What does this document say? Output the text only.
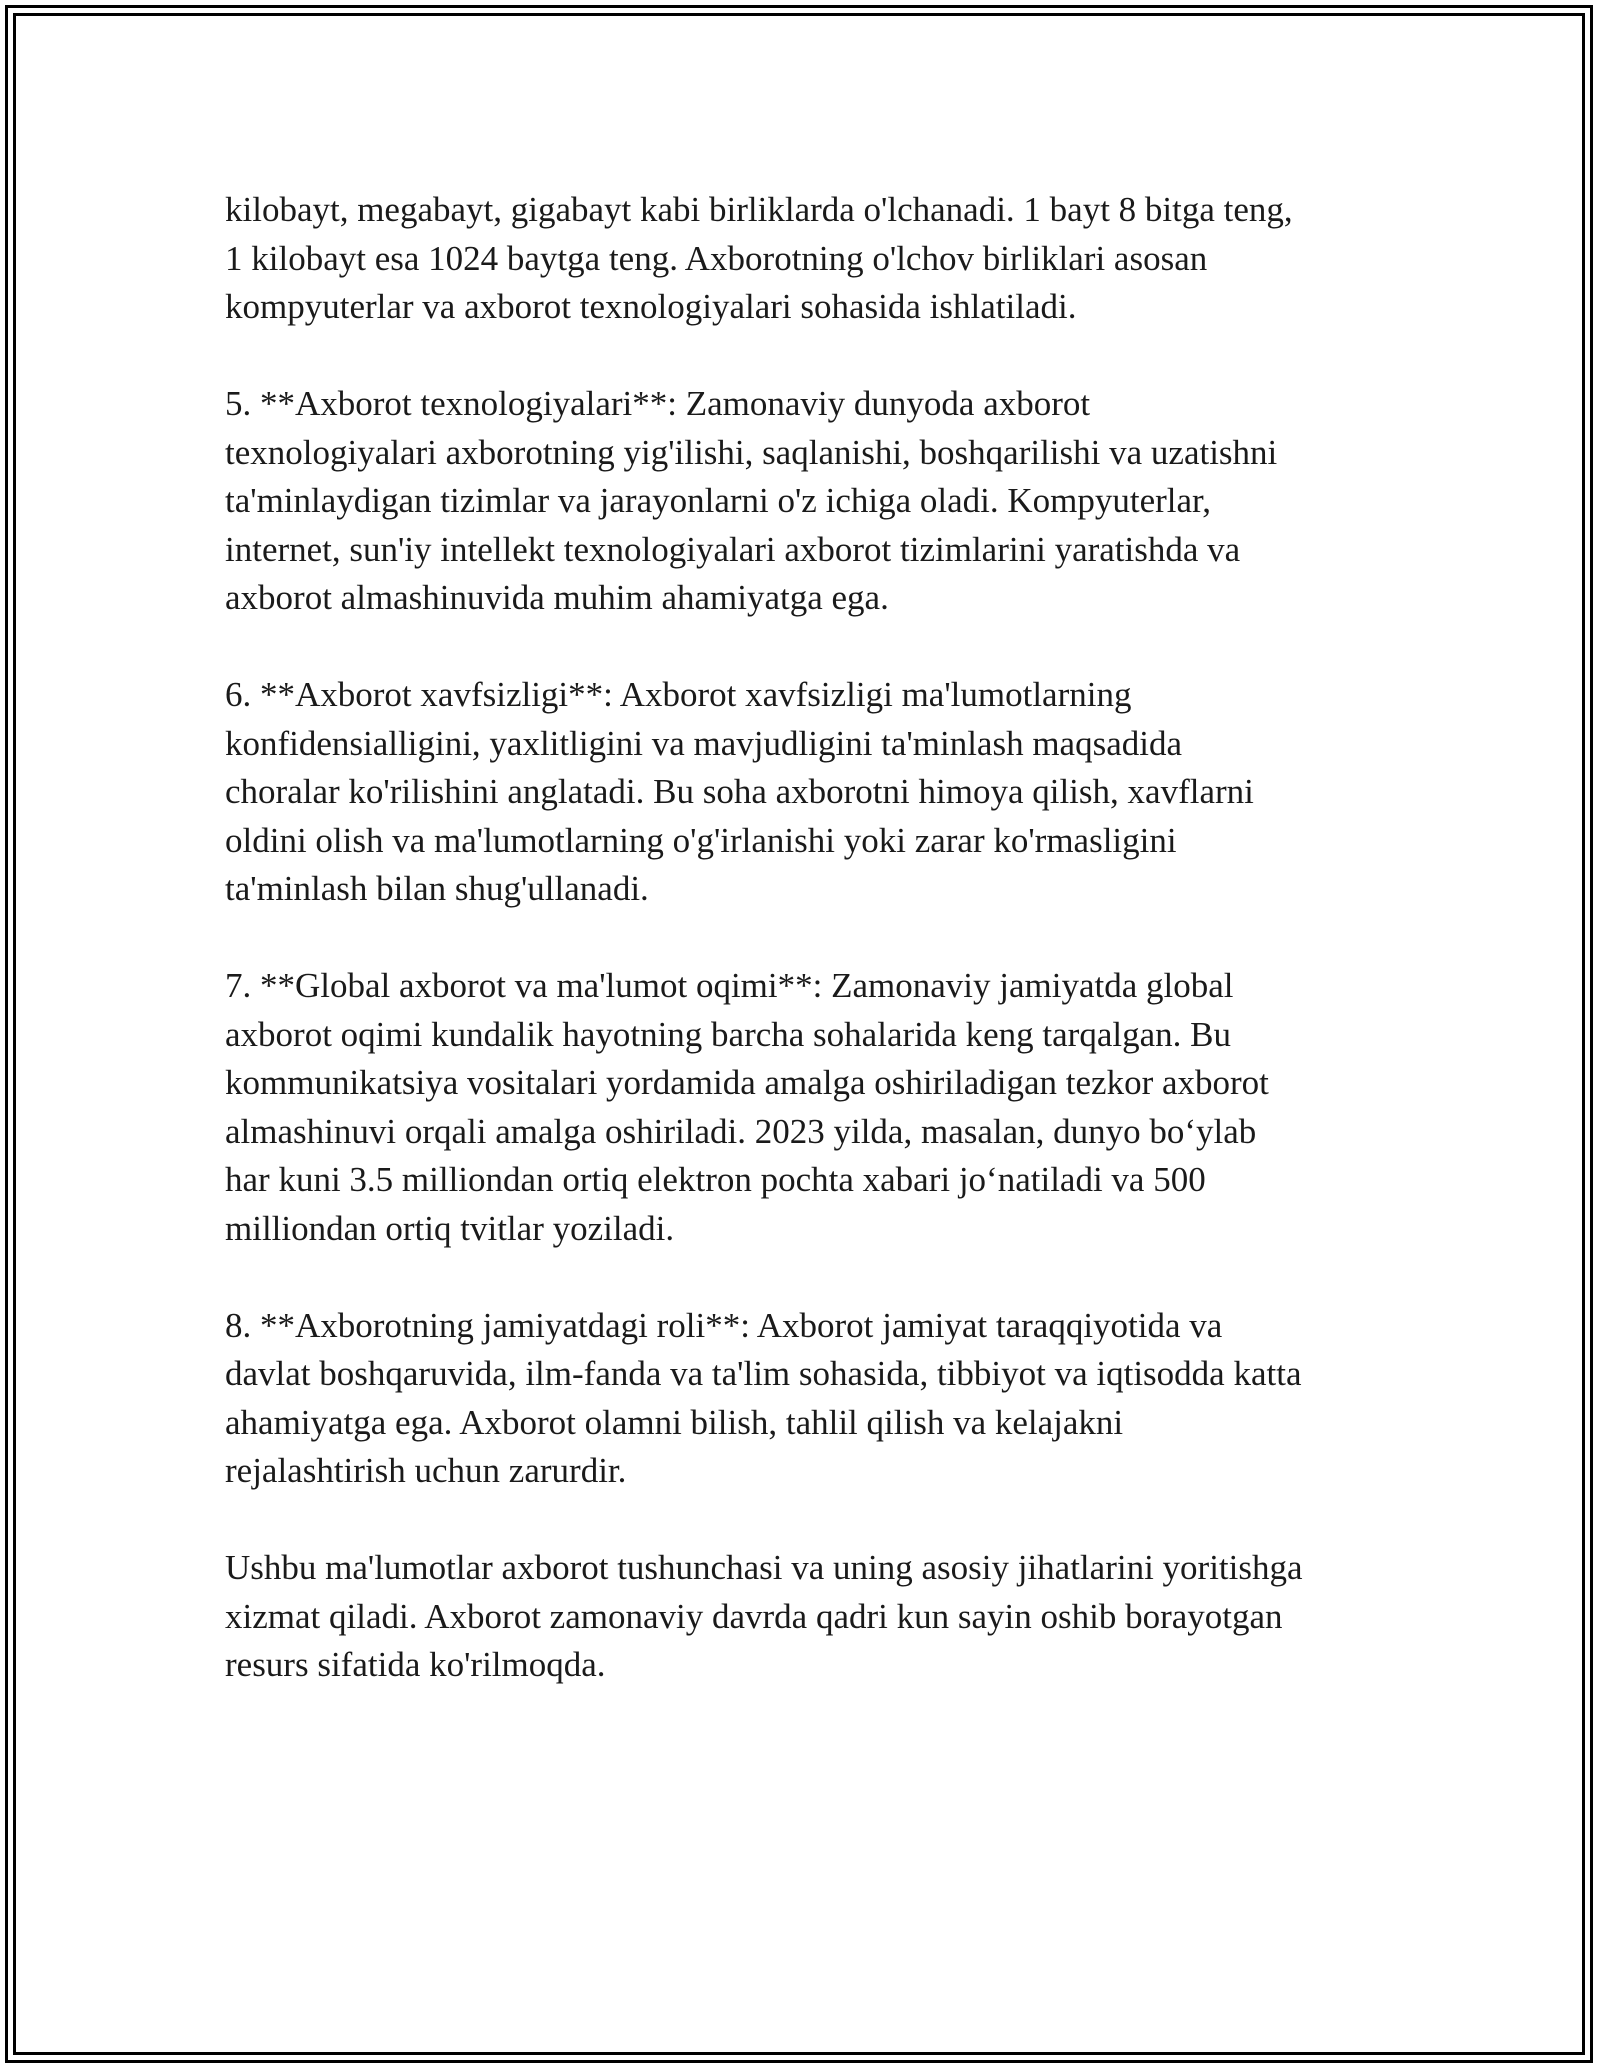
kilobayt, megabayt, gigabayt kabi birliklarda o'lchanadi. 1 bayt 8 bitga teng,
1 kilobayt esa 1024 baytga teng. Axborotning o'lchov birliklari asosan
kompyuterlar va axborot texnologiyalari sohasida ishlatiladi.

5. **Axborot texnologiyalari**: Zamonaviy dunyoda axborot
texnologiyalari axborotning yig'ilishi, saqlanishi, boshqarilishi va uzatishni
ta'minlaydigan tizimlar va jarayonlarni o'z ichiga oladi. Kompyuterlar,
internet, sun'iy intellekt texnologiyalari axborot tizimlarini yaratishda va
axborot almashinuvida muhim ahamiyatga ega.

6. **Axborot xavfsizligi**: Axborot xavfsizligi ma'lumotlarning
konfidensialligini, yaxlitligini va mavjudligini ta'minlash maqsadida
choralar ko'rilishini anglatadi. Bu soha axborotni himoya qilish, xavflarni
oldini olish va ma'lumotlarning o'g'irlanishi yoki zarar ko'rmasligini
ta'minlash bilan shug'ullanadi.

7. **Global axborot va ma'lumot oqimi**: Zamonaviy jamiyatda global
axborot oqimi kundalik hayotning barcha sohalarida keng tarqalgan. Bu
kommunikatsiya vositalari yordamida amalga oshiriladigan tezkor axborot
almashinuvi orqali amalga oshiriladi. 2023 yilda, masalan, dunyo bo‘ylab
har kuni 3.5 milliondan ortiq elektron pochta xabari jo‘natiladi va 500
milliondan ortiq tvitlar yoziladi.

8. **Axborotning jamiyatdagi roli**: Axborot jamiyat taraqqiyotida va
davlat boshqaruvida, ilm-fanda va ta'lim sohasida, tibbiyot va iqtisodda katta
ahamiyatga ega. Axborot olamni bilish, tahlil qilish va kelajakni
rejalashtirish uchun zarurdir.

Ushbu ma'lumotlar axborot tushunchasi va uning asosiy jihatlarini yoritishga
xizmat qiladi. Axborot zamonaviy davrda qadri kun sayin oshib borayotgan
resurs sifatida ko'rilmoqda.
